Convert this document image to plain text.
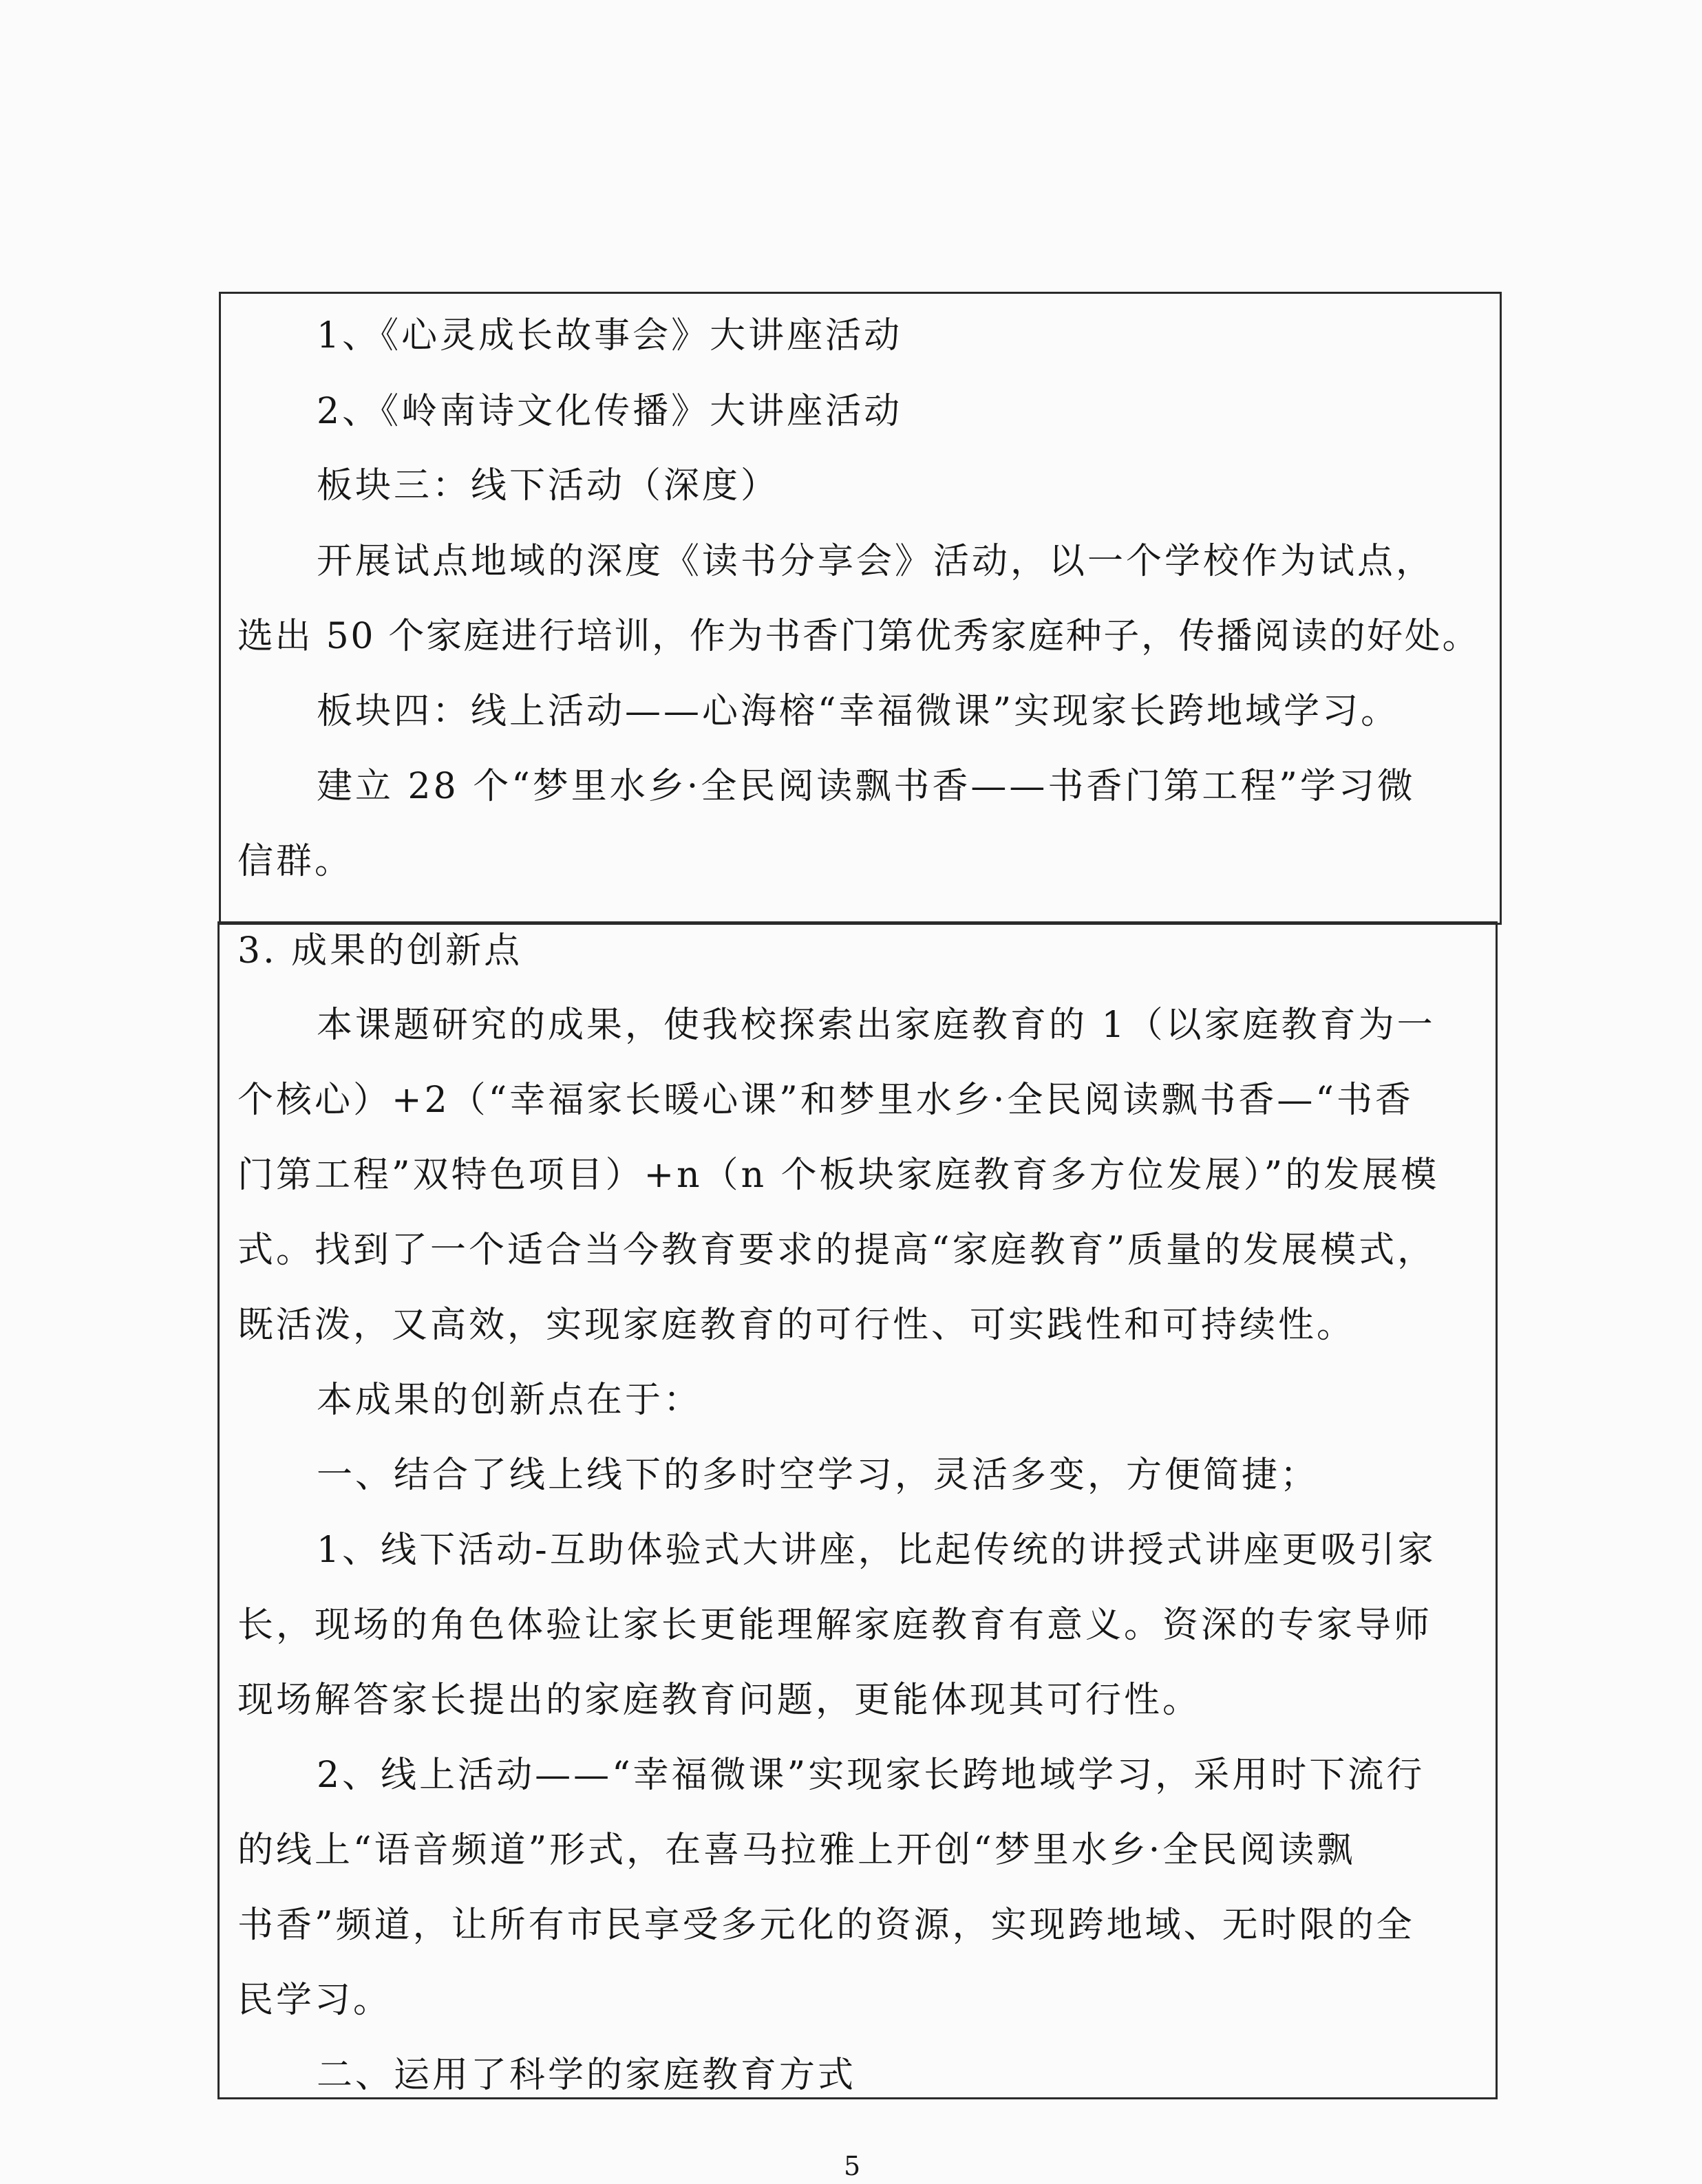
1、《心灵成长故事会》大讲座活动
2、《岭南诗文化传播》大讲座活动
板块三：线下活动（深度）
开展试点地域的深度《读书分享会》活动，以一个学校作为试点，
选出 50 个家庭进行培训，作为书香门第优秀家庭种子，传播阅读的好处。
板块四：线上活动——心海榕“幸福微课”实现家长跨地域学习。
建立 28 个“梦里水乡·全民阅读飘书香——书香门第工程”学习微
信群。
3. 成果的创新点
本课题研究的成果，使我校探索出家庭教育的 1（以家庭教育为一
个核心）+2（“幸福家长暖心课”和梦里水乡·全民阅读飘书香—“书香
门第工程”双特色项目）+n（n 个板块家庭教育多方位发展）”的发展模
式。找到了一个适合当今教育要求的提高“家庭教育”质量的发展模式，
既活泼，又高效，实现家庭教育的可行性、可实践性和可持续性。
本成果的创新点在于：
一、结合了线上线下的多时空学习，灵活多变，方便简捷；
1、线下活动-互助体验式大讲座，比起传统的讲授式讲座更吸引家
长，现场的角色体验让家长更能理解家庭教育有意义。资深的专家导师
现场解答家长提出的家庭教育问题，更能体现其可行性。
2、线上活动——“幸福微课”实现家长跨地域学习，采用时下流行
的线上“语音频道”形式，在喜马拉雅上开创“梦里水乡·全民阅读飘
书香”频道，让所有市民享受多元化的资源，实现跨地域、无时限的全
民学习。
二、运用了科学的家庭教育方式
5
